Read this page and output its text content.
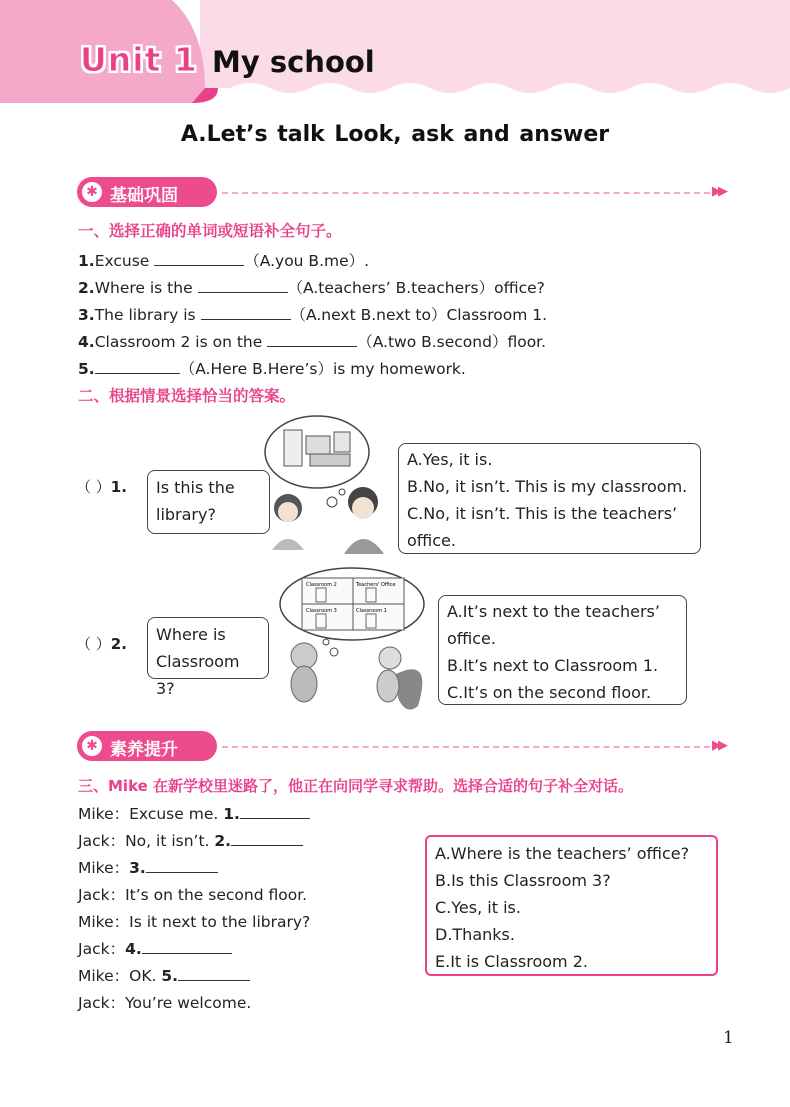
Unit 1 My school
A.Let’s talk Look, ask and answer
✱ 基础巩固	▶▶
一、选择正确的单词或短语补全句子。
1.Excuse	（A.you B.me）.
2.Where is the	（A.teachers’ B.teachers）office?
3.The library is	（A.next B.next to）Classroom 1.
4.Classroom 2 is on the	（A.two B.second）floor.
5.	（A.Here B.Here’s）is my homework.
二、根据情景选择恰当的答案。
（ ）1. Is this the
library?
A.Yes, it is.
B.No, it isn’t. This is my classroom.
C.No, it isn’t. This is the teachers’
office.
（ ）2. Where is
Classroom 3?
Classroom 2	Teachers' Office
Classroom 3	Classroom 1	A.It’s next to the teachers’
office.
B.It’s next to Classroom 1.
C.It’s on the second floor.
✱ 素养提升	▶▶
三、Mike 在新学校里迷路了，他正在向同学寻求帮助。选择合适的句子补全对话。
Mike：Excuse me. 1.
Jack：No, it isn’t. 2.
Mike：3.
Jack：It’s on the second floor.
Mike：Is it next to the library?
Jack：4.
Mike：OK. 5.
Jack：You’re welcome.
A.Where is the teachers’ office?
B.Is this Classroom 3?
C.Yes, it is.
D.Thanks.
E.It is Classroom 2.
1
